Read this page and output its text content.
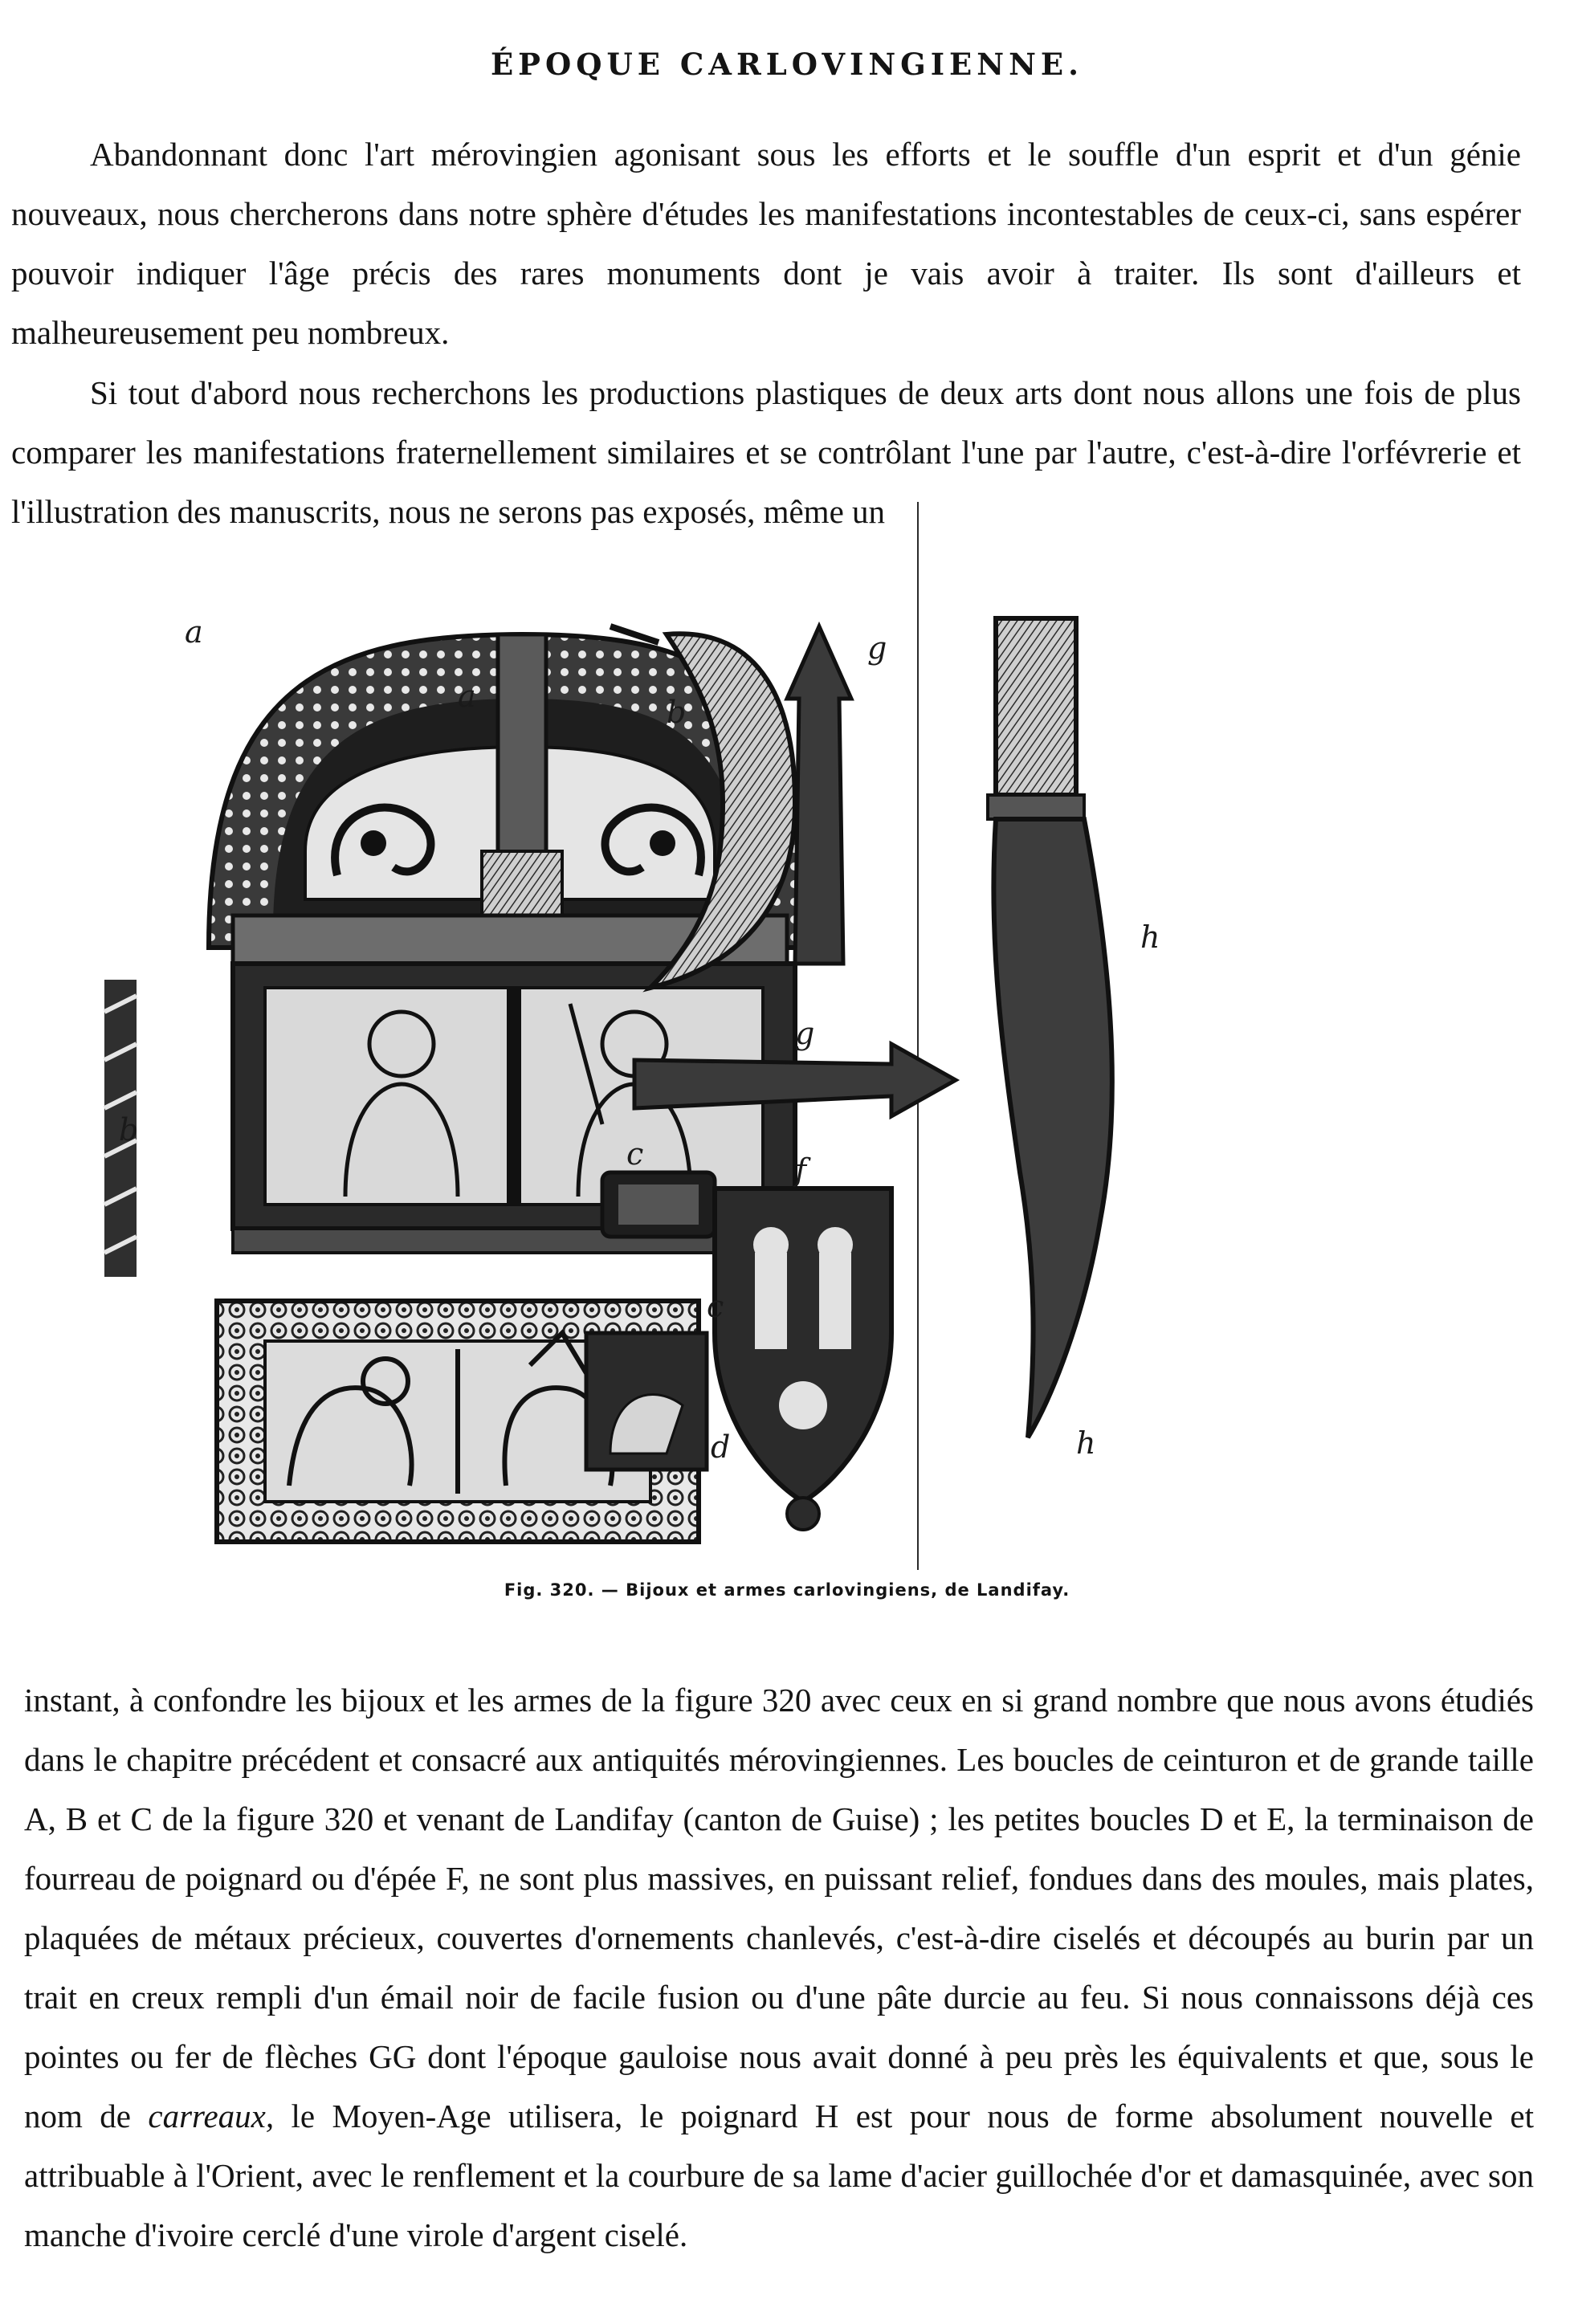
ÉPOQUE CARLOVINGIENNE.

Abandonnant donc l'art mérovingien agonisant sous les efforts et le souffle d'un esprit et d'un génie nouveaux, nous chercherons dans notre sphère d'études les manifestations incontestables de ceux-ci, sans espérer pouvoir indiquer l'âge précis des rares monuments dont je vais avoir à traiter. Ils sont d'ailleurs et malheureusement peu nombreux.

Si tout d'abord nous recherchons les productions plastiques de deux arts dont nous allons une fois de plus comparer les manifestations fraternellement similaires et se contrôlant l'une par l'autre, c'est-à-dire l'orfévrerie et l'illustration des manuscrits, nous ne serons pas exposés, même un

a
a
b
c
c
b
d
f
g
g
h
h

Fig. 320. — Bijoux et armes carlovingiens, de Landifay.

instant, à confondre les bijoux et les armes de la figure 320 avec ceux en si grand nombre que nous avons étudiés dans le chapitre précédent et consacré aux antiquités mérovingiennes. Les boucles de ceinturon et de grande taille A, B et C de la figure 320 et venant de Landifay (canton de Guise) ; les petites boucles D et E, la terminaison de fourreau de poignard ou d'épée F, ne sont plus massives, en puissant relief, fondues dans des moules, mais plates, plaquées de métaux précieux, couvertes d'ornements chanlevés, c'est-à-dire ciselés et découpés au burin par un trait en creux rempli d'un émail noir de facile fusion ou d'une pâte durcie au feu. Si nous connaissons déjà ces pointes ou fer de flèches GG dont l'époque gauloise nous avait donné à peu près les équivalents et que, sous le nom de carreaux, le Moyen-Age utilisera, le poignard H est pour nous de forme absolument nouvelle et attribuable à l'Orient, avec le renflement et la courbure de sa lame d'acier guillochée d'or et damasquinée, avec son manche d'ivoire cerclé d'une virole d'argent ciselé.
